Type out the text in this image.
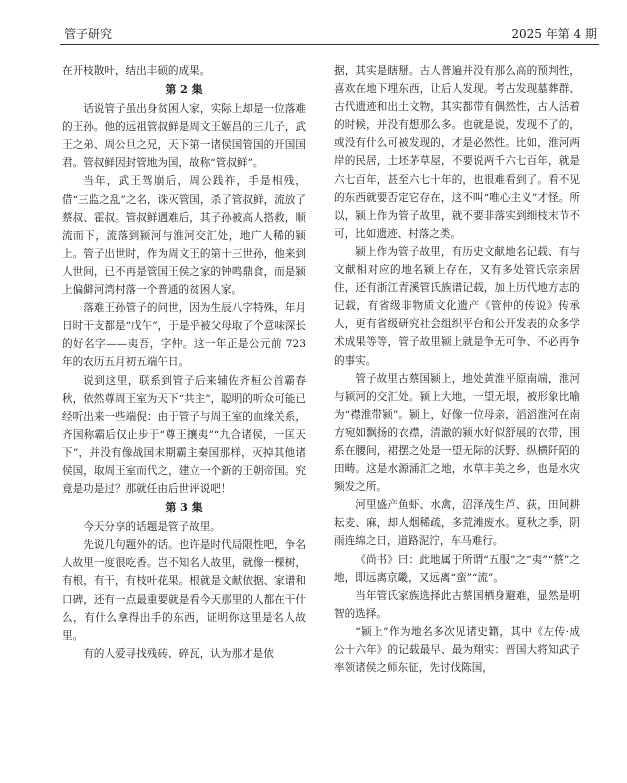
管子研究	2025 年第 4 期

在开枝散叶，结出丰硕的成果。

第 2 集

话说管子虽出身贫困人家，实际上却是一位落难的王孙。他的远祖管叔鲜是周文王姬昌的三儿子，武王之弟、周公旦之兄，天下第一诸侯国管国的开国国君。管叔鲜因封管地为国，故称“管叔鲜”。

当年，武王驾崩后，周公践祚，手是相残，借“三监之乱”之名，诛灭管国，杀了管叔鲜，流放了蔡叔、霍叔。管叔鲜遇难后，其子孙被高人搭救，顺流而下，流落到颍河与淮河交汇处，地广人稀的颍上。管子出世时，作为周文王的第十三世孙，他来到人世间，已不再是管国王侯之家的钟鸣鼎食，而是颍上偏僻河湾村落一个普通的贫困人家。

落难王孙管子的问世，因为生辰八字特殊，年月日时干支都是“戊午”，于是乎被父母取了个意味深长的好名字——夷吾，字仲。这一年正是公元前 723 年的农历五月初五端午日。

说到这里，联系到管子后来辅佐齐桓公首霸春秋，依然尊周王室为天下“共主”，聪明的听众可能已经听出来一些端倪：由于管子与周王室的血缘关系，齐国称霸后仅止步于“尊王攘夷”“九合诸侯，一匡天下”，并没有像战国末期霸主秦国那样，灭掉其他诸侯国，取周王室而代之，建立一个新的王朝帝国。究竟是功是过？那就任由后世评说吧！

第 3 集

今天分享的话题是管子故里。

先说几句题外的话。也许是时代局限性吧，争名人故里一度很吃香。岂不知名人故里，就像一棵树，有根，有干，有枝叶花果。根就是文献依据、家谱和口碑，还有一点最重要就是看今天那里的人都在干什么，有什么拿得出手的东西，证明你这里是名人故里。

有的人爱寻找残砖、碎瓦，认为那才是依

据，其实是瞎掰。古人普遍并没有那么高的预判性，喜欢在地下埋东西，让后人发现。考古发现墓葬群、古代遗迹和出土文物，其实都带有偶然性，古人活着的时候，并没有想那么多。也就是说，发现不了的，或没有什么可被发现的，才是必然性。比如，淮河两岸的民居，土坯茅草屋，不要说两千六七百年，就是六七百年，甚至六七十年的，也很难看到了。看不见的东西就要否定它存在，这不叫“唯心主义”才怪。所以，颍上作为管子故里，就不要非落实到细枝末节不可，比如遗迹、村落之类。

颍上作为管子故里，有历史文献地名记载、有与文献相对应的地名颍上存在，又有多处管氏宗亲居住，还有浙江青溪管氏族谱记载，加上历代地方志的记载，有省级非物质文化遗产《管仲的传说》传承人，更有省级研究社会组织平台和公开发表的众多学术成果等等，管子故里颍上就是争无可争、不必再争的事实。

管子故里古蔡国颍上，地处黄淮平原南端，淮河与颍河的交汇处。颍上大地，一望无垠，被形象比喻为“襟淮带颍”。颍上，好像一位母亲，滔滔淮河在南方宛如飘扬的衣襟，清澈的颍水好似舒展的衣带，围系在腰间，裙摆之处是一望无际的沃野、纵横阡陌的田畴。这是水源涌汇之地，水草丰美之乡，也是水灾频发之所。

河里盛产鱼虾、水禽，沼泽茂生芦、荻，田间耕耘麦、麻，却人烟稀疏，多荒滩废水。夏秋之季，阴雨连绵之日，道路泥泞，车马难行。

《尚书》曰：此地属于所谓“五服”之“夷”“蔡”之地，即远离京畿，又远离“蛮”“流”。

当年管氏家族选择此古蔡国栖身避难，显然是明智的选择。

“颍上”作为地名多次见诸史籍，其中《左传·成公十六年》的记载最早、最为翔实：晋国大将知武子率领诸侯之师东征，先讨伐陈国，
